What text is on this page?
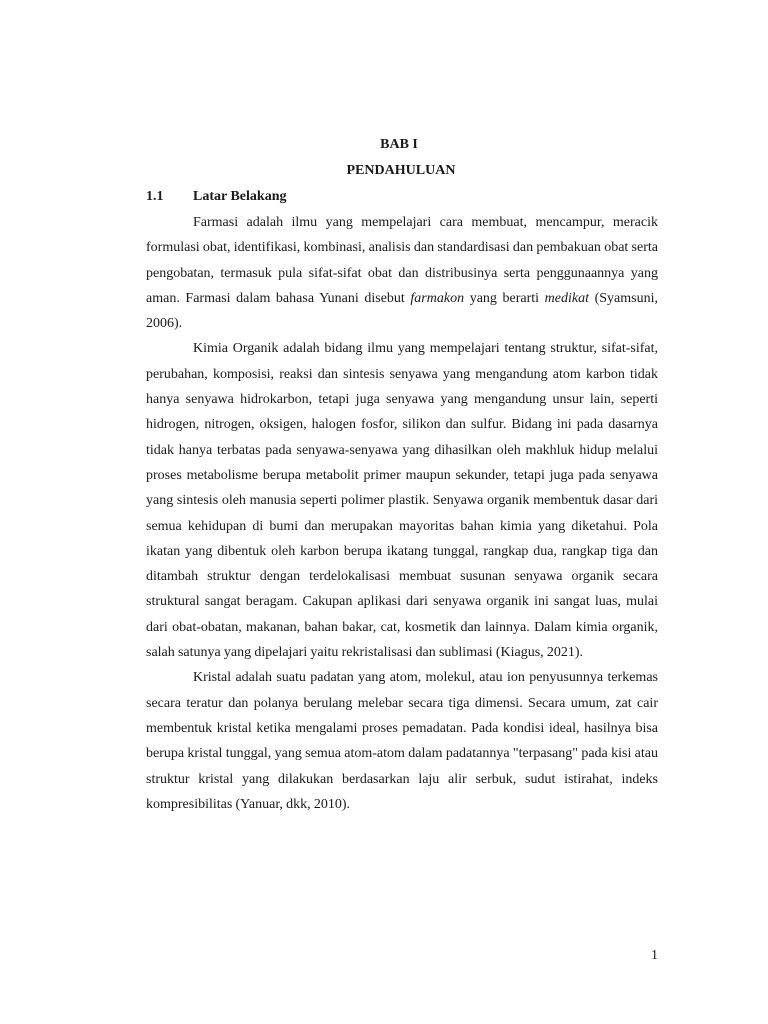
BAB I
PENDAHULUAN
1.1 Latar Belakang

Farmasi adalah ilmu yang mempelajari cara membuat, mencampur, meracik formulasi obat, identifikasi, kombinasi, analisis dan standardisasi dan pembakuan obat serta pengobatan, termasuk pula sifat-sifat obat dan distribusinya serta penggunaannya yang aman. Farmasi dalam bahasa Yunani disebut farmakon yang berarti medikat (Syamsuni, 2006).

Kimia Organik adalah bidang ilmu yang mempelajari tentang struktur, sifat-sifat, perubahan, komposisi, reaksi dan sintesis senyawa yang mengandung atom karbon tidak hanya senyawa hidrokarbon, tetapi juga senyawa yang mengandung unsur lain, seperti hidrogen, nitrogen, oksigen, halogen fosfor, silikon dan sulfur. Bidang ini pada dasarnya tidak hanya terbatas pada senyawa-senyawa yang dihasilkan oleh makhluk hidup melalui proses metabolisme berupa metabolit primer maupun sekunder, tetapi juga pada senyawa yang sintesis oleh manusia seperti polimer plastik. Senyawa organik membentuk dasar dari semua kehidupan di bumi dan merupakan mayoritas bahan kimia yang diketahui. Pola ikatan yang dibentuk oleh karbon berupa ikatang tunggal, rangkap dua, rangkap tiga dan ditambah struktur dengan terdelokalisasi membuat susunan senyawa organik secara struktural sangat beragam. Cakupan aplikasi dari senyawa organik ini sangat luas, mulai dari obat-obatan, makanan, bahan bakar, cat, kosmetik dan lainnya. Dalam kimia organik, salah satunya yang dipelajari yaitu rekristalisasi dan sublimasi (Kiagus, 2021).

Kristal adalah suatu padatan yang atom, molekul, atau ion penyusunnya terkemas secara teratur dan polanya berulang melebar secara tiga dimensi. Secara umum, zat cair membentuk kristal ketika mengalami proses pemadatan. Pada kondisi ideal, hasilnya bisa berupa kristal tunggal, yang semua atom-atom dalam padatannya "terpasang" pada kisi atau struktur kristal yang dilakukan berdasarkan laju alir serbuk, sudut istirahat, indeks kompresibilitas (Yanuar, dkk, 2010).

1
